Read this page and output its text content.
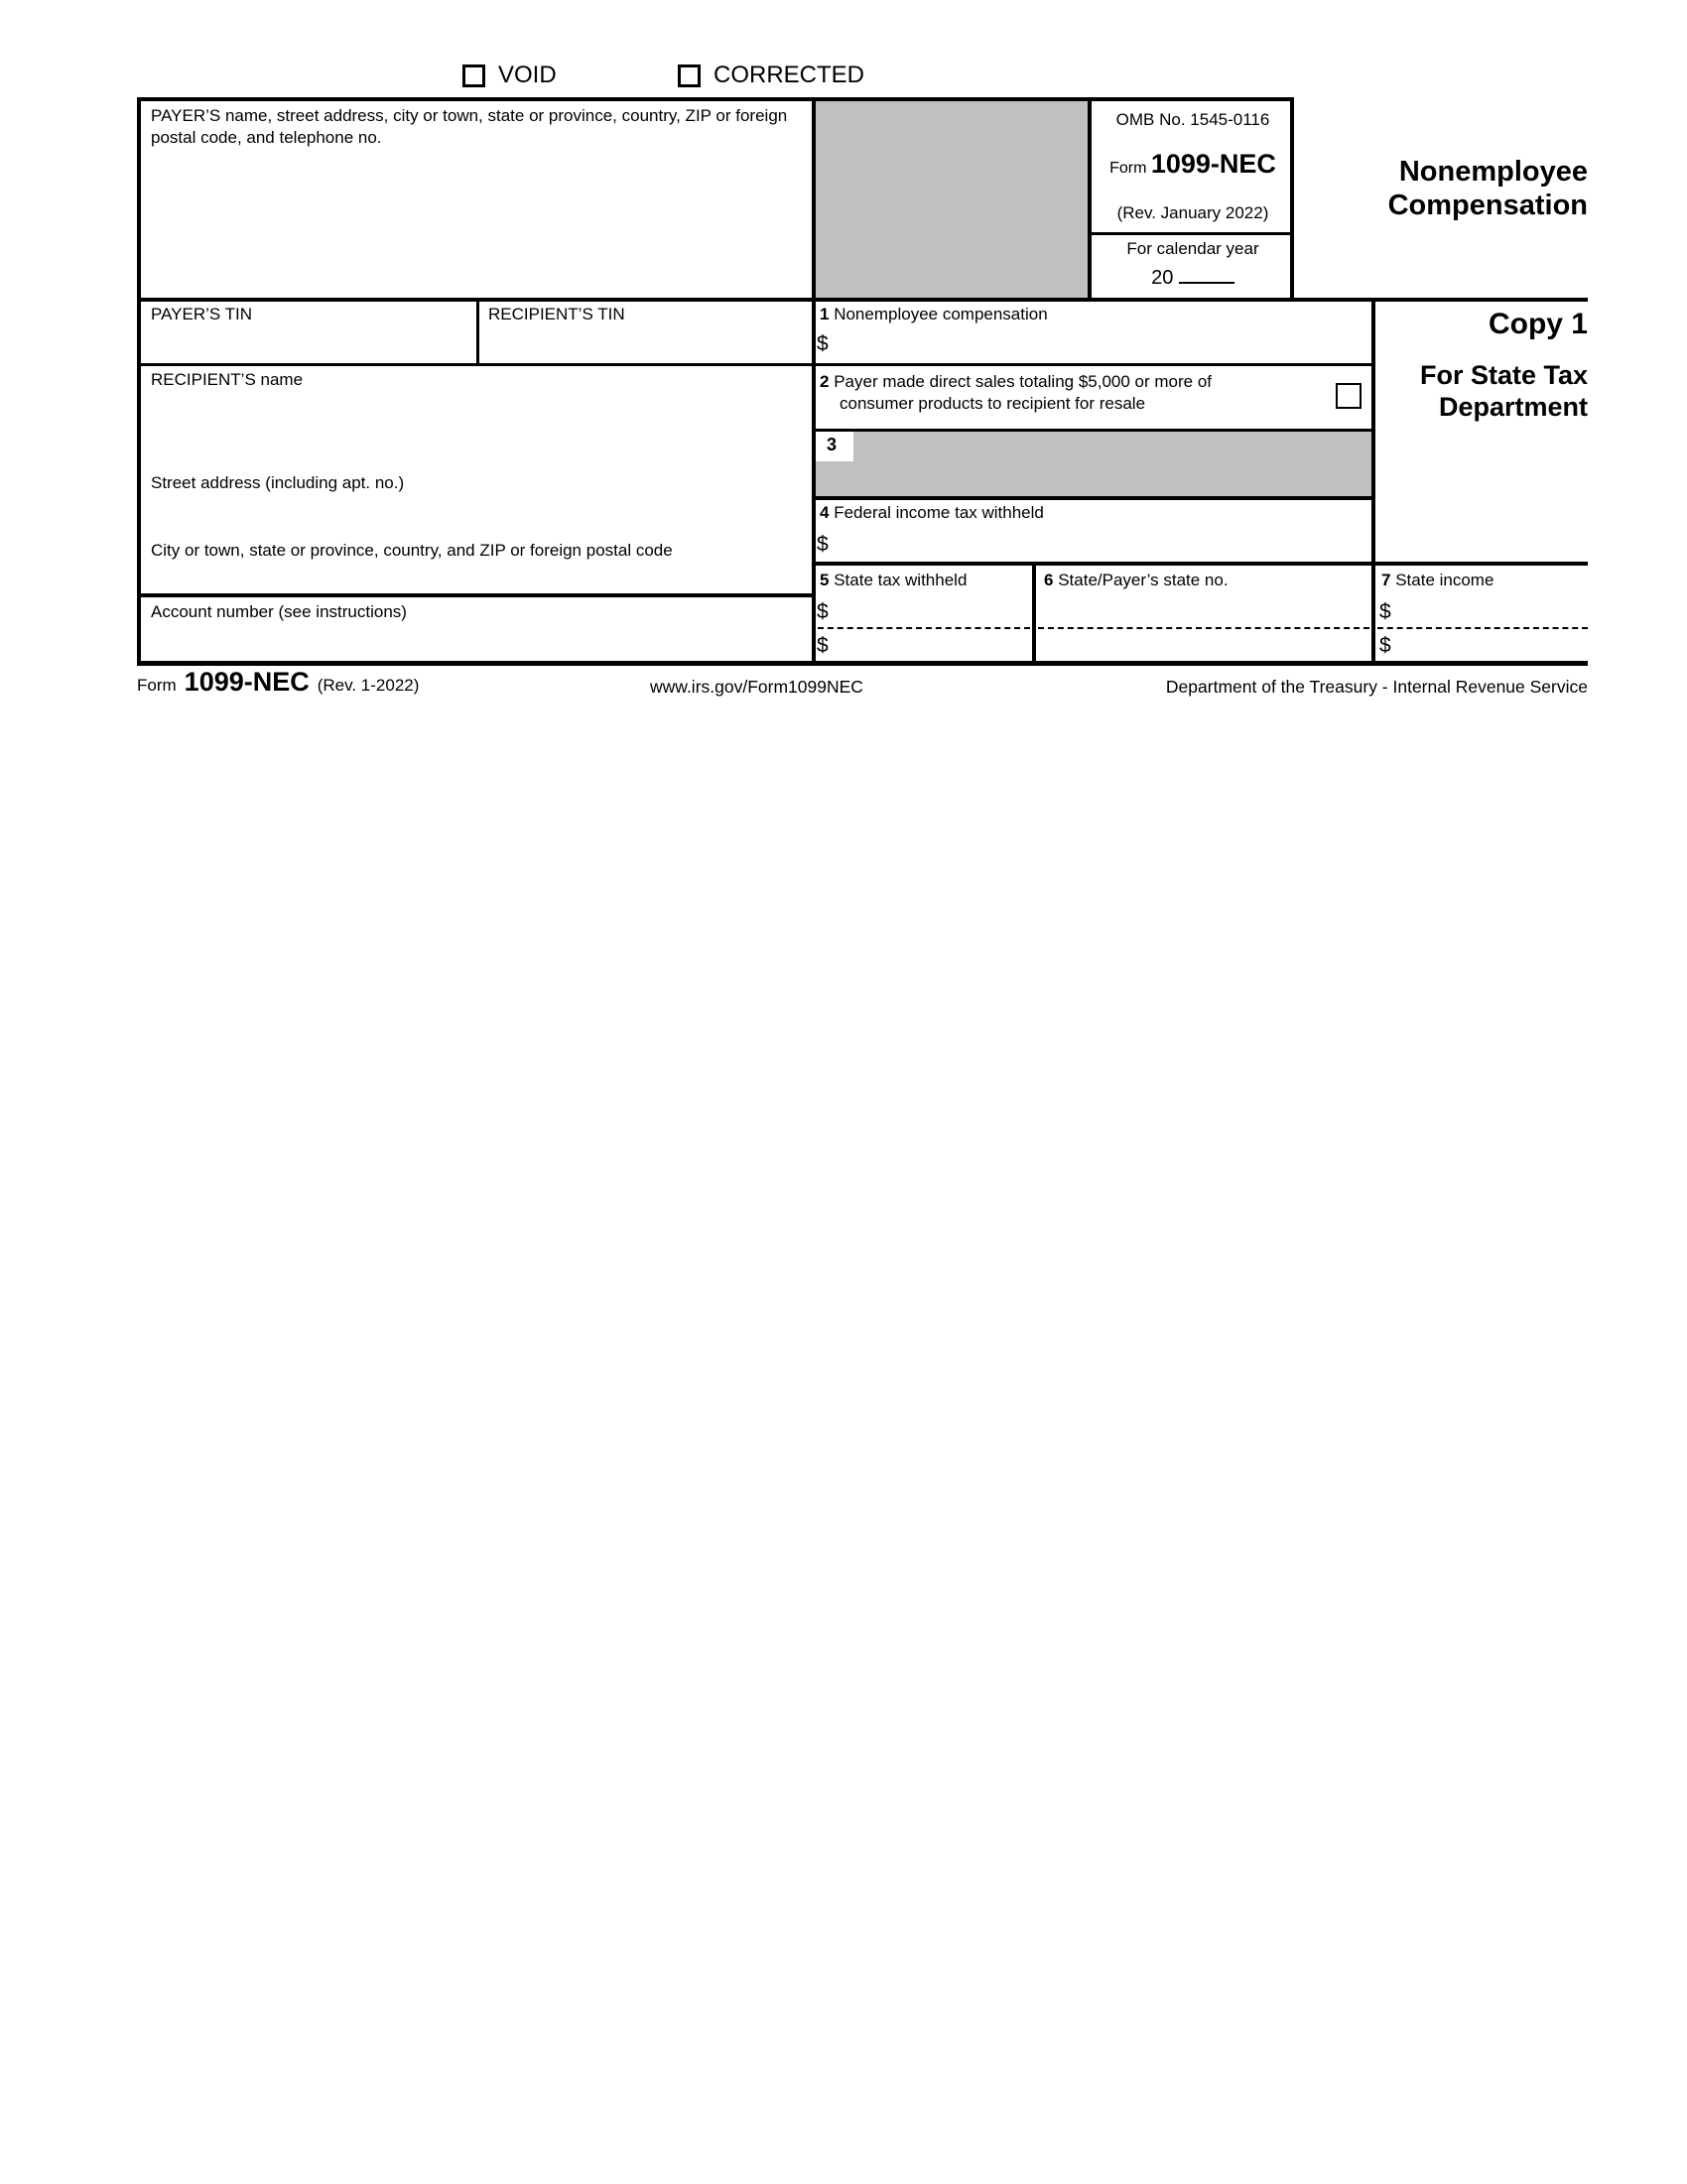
VOID	CORRECTED
3
PAYER’S name, street address, city or town, state or province, country, ZIP or foreign postal code, and telephone no.
OMB No. 1545-0116
Form 1099-NEC
(Rev. January 2022)
For calendar year
20
Nonemployee Compensation
Copy 1
For State Tax Department
PAYER’S TIN	RECIPIENT’S TIN	1 Nonemployee compensation
$
RECIPIENT’S name
Street address (including apt. no.)
City or town, state or province, country, and ZIP or foreign postal code
2 Payer made direct sales totaling $5,000 or more of
consumer products to recipient for resale
4 Federal income tax withheld
$
Account number (see instructions)
5 State tax withheld
$
$
6 State/Payer’s state no.	7 State income
$
$
Form 1099-NEC (Rev. 1-2022)	www.irs.gov/Form1099NEC	Department of the Treasury - Internal Revenue Service
